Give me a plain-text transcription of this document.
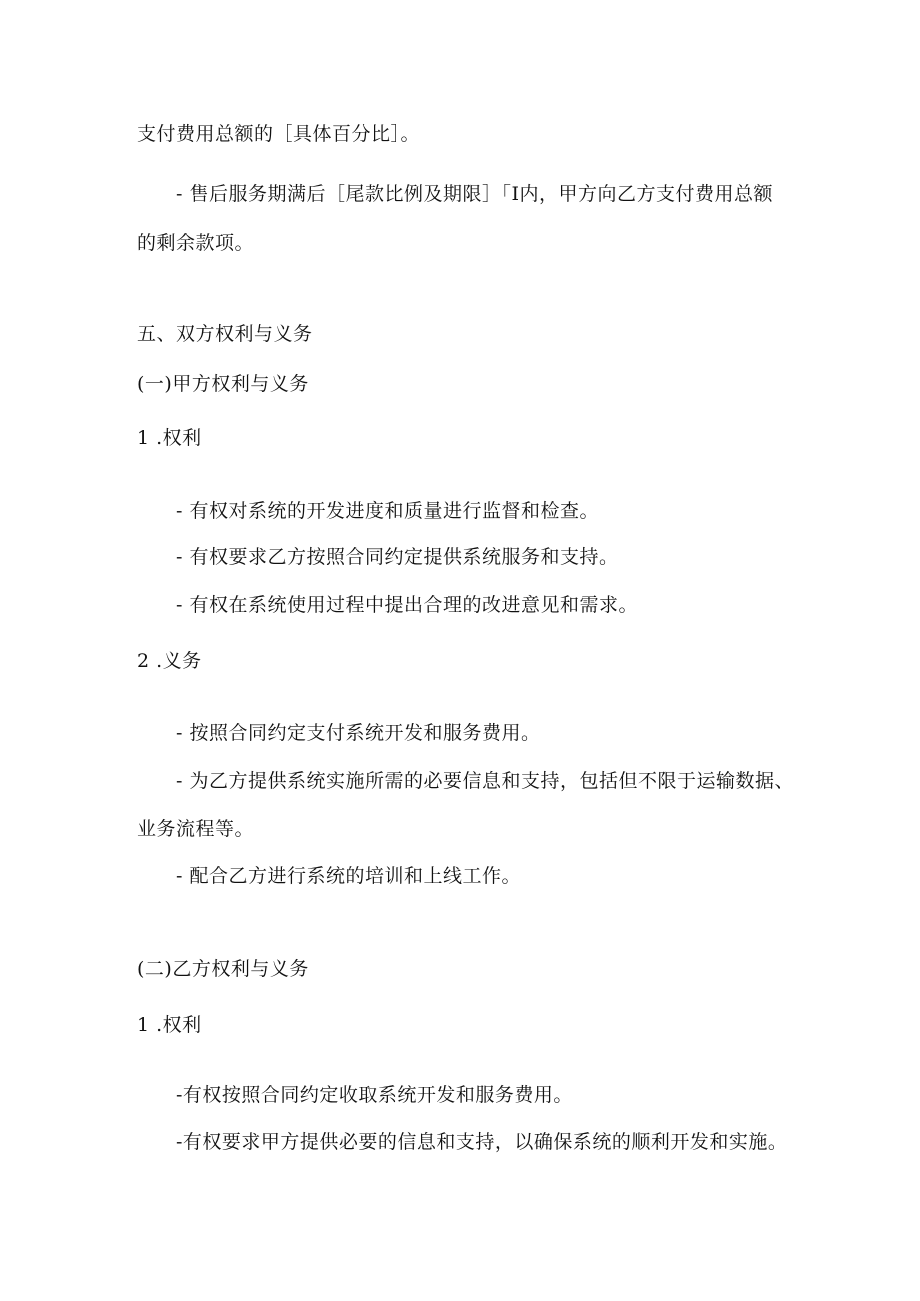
支付费用总额的［具体百分比］。
- 售后服务期满后［尾款比例及期限］「I内，甲方向乙方支付费用总额
的剩余款项。
五、双方权利与义务
(一)甲方权利与义务
1 .权利
- 有权对系统的开发进度和质量进行监督和检查。
- 有权要求乙方按照合同约定提供系统服务和支持。
- 有权在系统使用过程中提出合理的改进意见和需求。
2 .义务
- 按照合同约定支付系统开发和服务费用。
- 为乙方提供系统实施所需的必要信息和支持，包括但不限于运输数据、
业务流程等。
- 配合乙方进行系统的培训和上线工作。
(二)乙方权利与义务
1 .权利
-有权按照合同约定收取系统开发和服务费用。
-有权要求甲方提供必要的信息和支持，以确保系统的顺利开发和实施。
